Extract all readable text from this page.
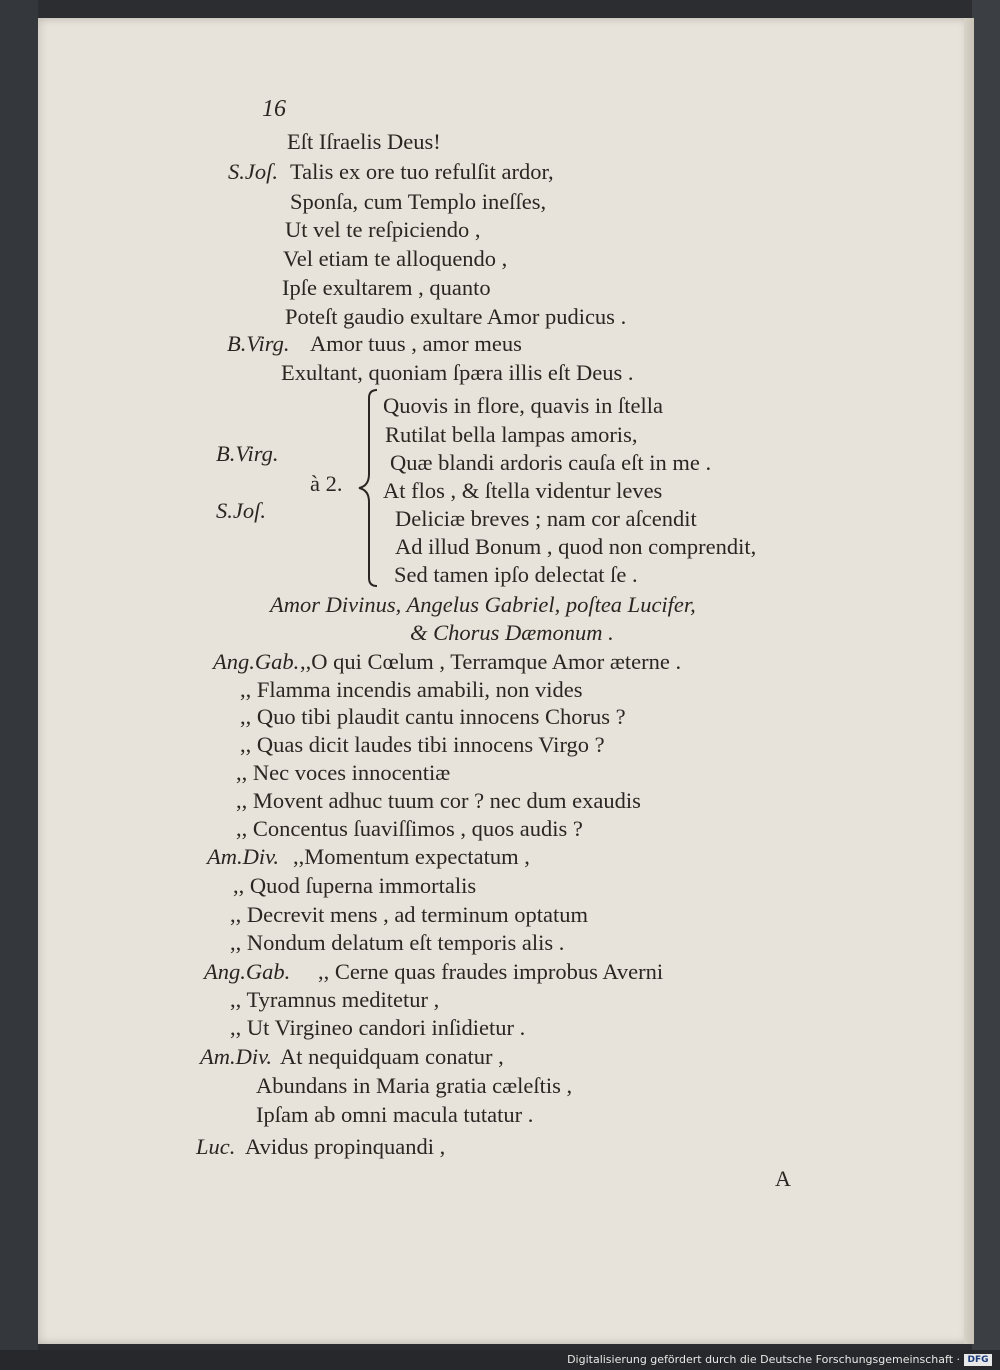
16
Eſt Iſraelis Deus!
S.Joſ. Talis ex ore tuo refulſit ardor,
Sponſa, cum Templo ineſſes,
Ut vel te reſpiciendo ,
Vel etiam te alloquendo ,
Ipſe exultarem , quanto
Poteſt gaudio exultare Amor pudicus .
B.Virg. Amor tuus , amor meus
Exultant, quoniam ſpæra illis eſt Deus .
B.Virg.
à 2.
S.Joſ.
Quovis in flore, quavis in ſtella
Rutilat bella lampas amoris,
Quæ blandi ardoris cauſa eſt in me .
At flos , & ſtella videntur leves
Deliciæ breves ; nam cor aſcendit
Ad illud Bonum , quod non comprendit,
Sed tamen ipſo delectat ſe .
Amor Divinus, Angelus Gabriel, poſtea Lucifer,
& Chorus Dæmonum .
Ang.Gab. ,,O qui Cœlum , Terramque Amor æterne .
,, Flamma incendis amabili, non vides
,, Quo tibi plaudit cantu innocens Chorus ?
,, Quas dicit laudes tibi innocens Virgo ?
,, Nec voces innocentiæ
,, Movent adhuc tuum cor ? nec dum exaudis
,, Concentus ſuaviſſimos , quos audis ?
Am.Div. ,,Momentum expectatum ,
,, Quod ſuperna immortalis
,, Decrevit mens , ad terminum optatum
,, Nondum delatum eſt temporis alis .
Ang.Gab. ,, Cerne quas fraudes improbus Averni
,, Tyramnus meditetur ,
,, Ut Virgineo candori inſidietur .
Am.Div. At nequidquam conatur ,
Abundans in Maria gratia cæleſtis ,
Ipſam ab omni macula tutatur .
Luc. Avidus propinquandi ,
A
Digitalisierung gefördert durch die Deutsche Forschungsgemeinschaft · DFG
